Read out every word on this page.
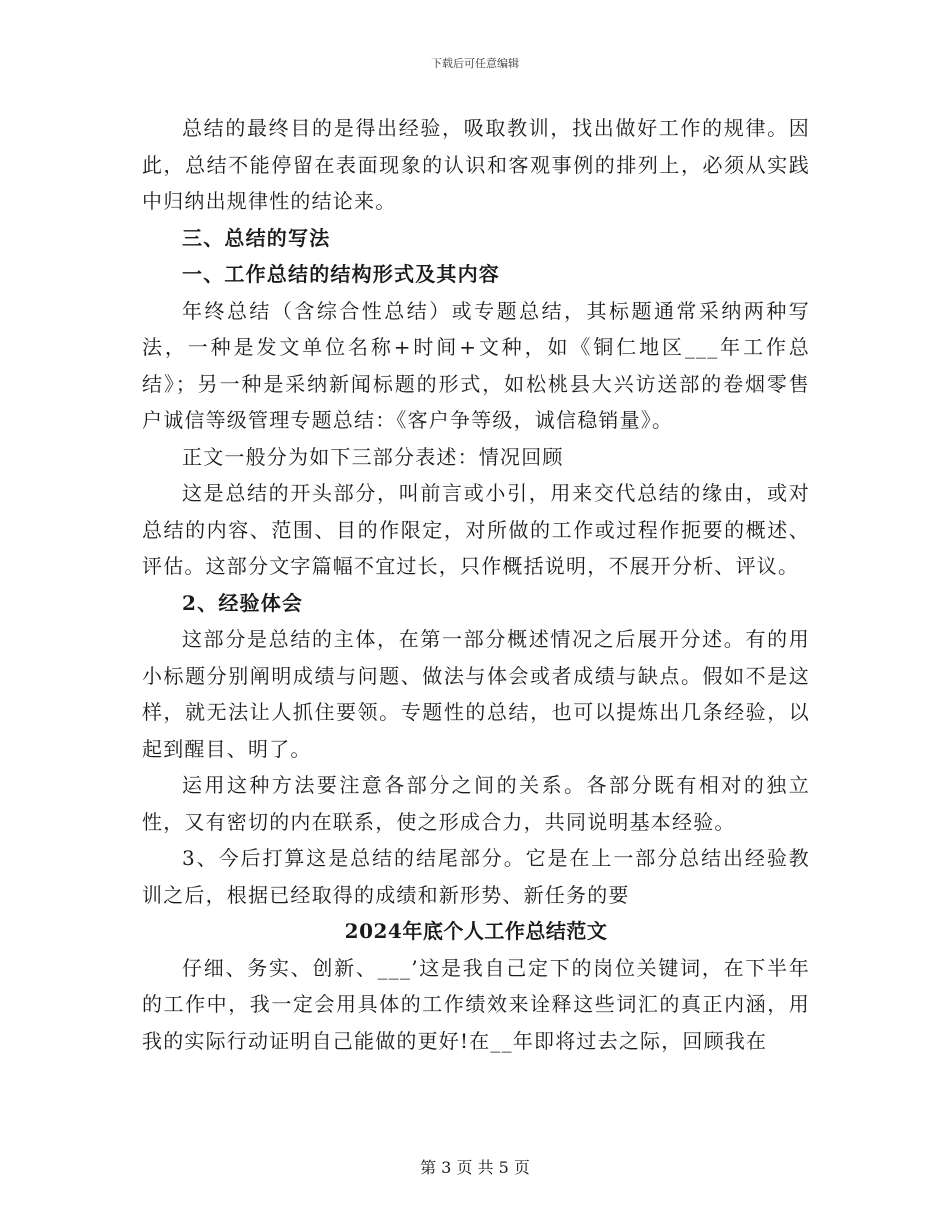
下载后可任意编辑

总结的最终目的是得出经验，吸取教训，找出做好工作的规律。因此，总结不能停留在表面现象的认识和客观事例的排列上，必须从实践中归纳出规律性的结论来。

三、总结的写法

一、工作总结的结构形式及其内容

年终总结（含综合性总结）或专题总结，其标题通常采纳两种写法，一种是发文单位名称+时间+文种，如《铜仁地区___年工作总结》；另一种是采纳新闻标题的形式，如松桃县大兴访送部的卷烟零售户诚信等级管理专题总结：《客户争等级，诚信稳销量》。

正文一般分为如下三部分表述：情况回顾

这是总结的开头部分，叫前言或小引，用来交代总结的缘由，或对总结的内容、范围、目的作限定，对所做的工作或过程作扼要的概述、评估。这部分文字篇幅不宜过长，只作概括说明，不展开分析、评议。

2、经验体会

这部分是总结的主体，在第一部分概述情况之后展开分述。有的用小标题分别阐明成绩与问题、做法与体会或者成绩与缺点。假如不是这样，就无法让人抓住要领。专题性的总结，也可以提炼出几条经验，以起到醒目、明了。

运用这种方法要注意各部分之间的关系。各部分既有相对的独立性，又有密切的内在联系，使之形成合力，共同说明基本经验。

3、今后打算这是总结的结尾部分。它是在上一部分总结出经验教训之后，根据已经取得的成绩和新形势、新任务的要

2024年底个人工作总结范文

仔细、务实、创新、___’这是我自己定下的岗位关键词，在下半年的工作中，我一定会用具体的工作绩效来诠释这些词汇的真正内涵，用我的实际行动证明自己能做的更好!在__年即将过去之际，回顾我在

第 3 页 共 5 页
